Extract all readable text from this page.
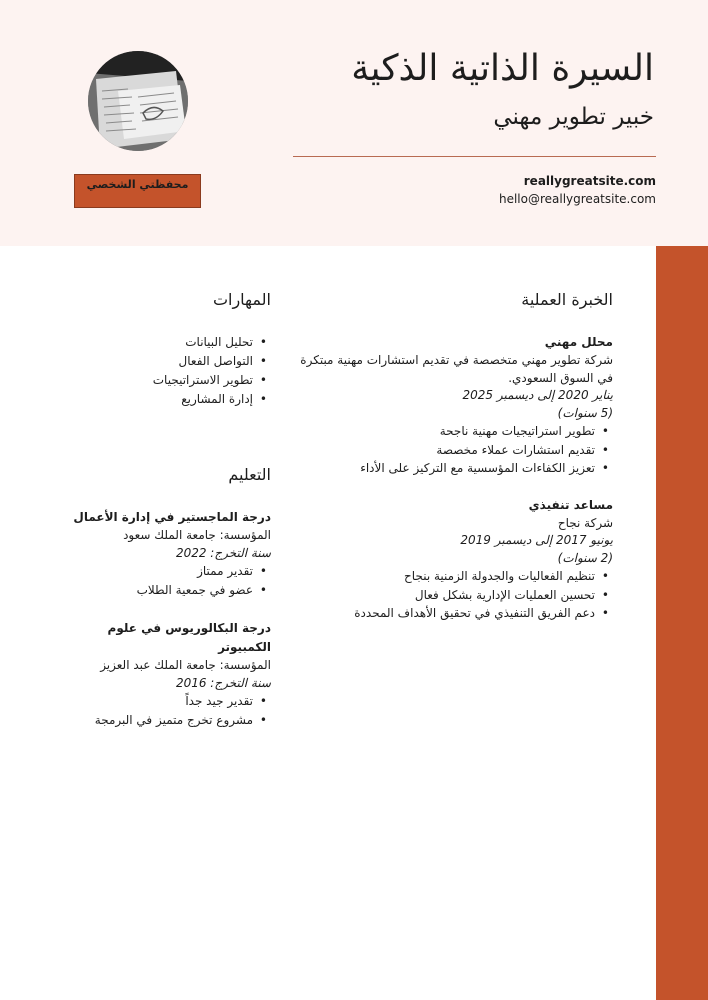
السيرة الذاتية الذكية
خبير تطوير مهني
reallygreatsite.com
hello@reallygreatsite.com
محفظتي الشخصي
الخبرة العملية
محلل مهني
شركة تطوير مهني متخصصة في تقديم استشارات مهنية مبتكرة في السوق السعودي.
يناير 2020 إلى ديسمبر 2025
(5 سنوات)
• تطوير استراتيجيات مهنية ناجحة
• تقديم استشارات عملاء مخصصة
• تعزيز الكفاءات المؤسسية مع التركيز على الأداء
مساعد تنفيذي
شركة نجاح
يونيو 2017 إلى ديسمبر 2019
(2 سنوات)
• تنظيم الفعاليات والجدولة الزمنية بنجاح
• تحسين العمليات الإدارية بشكل فعال
• دعم الفريق التنفيذي في تحقيق الأهداف المحددة
المهارات
• تحليل البيانات
• التواصل الفعال
• تطوير الاستراتيجيات
• إدارة المشاريع
التعليم
درجة الماجستير في إدارة الأعمال
المؤسسة: جامعة الملك سعود
سنة التخرج: 2022
• تقدير ممتاز
• عضو في جمعية الطلاب
درجة البكالوريوس في علوم الكمبيوتر
المؤسسة: جامعة الملك عبد العزيز
سنة التخرج: 2016
• تقدير جيد جداً
• مشروع تخرج متميز في البرمجة
